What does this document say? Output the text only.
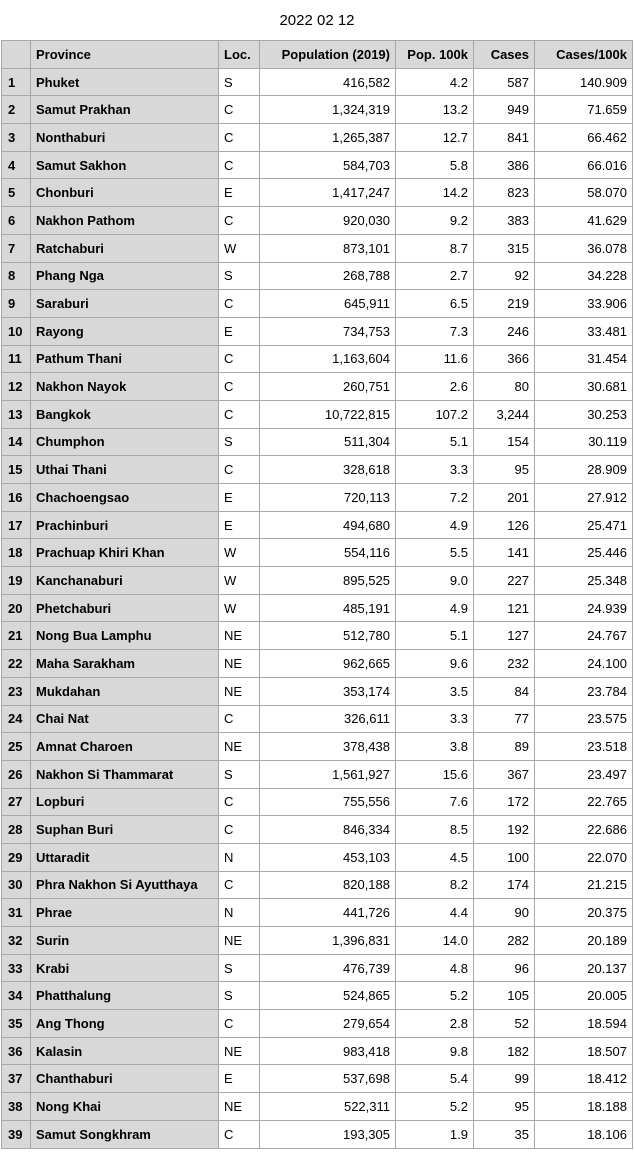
2022 02 12
	Province	Loc.	Population (2019)	Pop. 100k	Cases	Cases/100k
1	Phuket	S	416,582	4.2	587	140.909
2	Samut Prakhan	C	1,324,319	13.2	949	71.659
3	Nonthaburi	C	1,265,387	12.7	841	66.462
4	Samut Sakhon	C	584,703	5.8	386	66.016
5	Chonburi	E	1,417,247	14.2	823	58.070
6	Nakhon Pathom	C	920,030	9.2	383	41.629
7	Ratchaburi	W	873,101	8.7	315	36.078
8	Phang Nga	S	268,788	2.7	92	34.228
9	Saraburi	C	645,911	6.5	219	33.906
10	Rayong	E	734,753	7.3	246	33.481
11	Pathum Thani	C	1,163,604	11.6	366	31.454
12	Nakhon Nayok	C	260,751	2.6	80	30.681
13	Bangkok	C	10,722,815	107.2	3,244	30.253
14	Chumphon	S	511,304	5.1	154	30.119
15	Uthai Thani	C	328,618	3.3	95	28.909
16	Chachoengsao	E	720,113	7.2	201	27.912
17	Prachinburi	E	494,680	4.9	126	25.471
18	Prachuap Khiri Khan	W	554,116	5.5	141	25.446
19	Kanchanaburi	W	895,525	9.0	227	25.348
20	Phetchaburi	W	485,191	4.9	121	24.939
21	Nong Bua Lamphu	NE	512,780	5.1	127	24.767
22	Maha Sarakham	NE	962,665	9.6	232	24.100
23	Mukdahan	NE	353,174	3.5	84	23.784
24	Chai Nat	C	326,611	3.3	77	23.575
25	Amnat Charoen	NE	378,438	3.8	89	23.518
26	Nakhon Si Thammarat	S	1,561,927	15.6	367	23.497
27	Lopburi	C	755,556	7.6	172	22.765
28	Suphan Buri	C	846,334	8.5	192	22.686
29	Uttaradit	N	453,103	4.5	100	22.070
30	Phra Nakhon Si Ayutthaya	C	820,188	8.2	174	21.215
31	Phrae	N	441,726	4.4	90	20.375
32	Surin	NE	1,396,831	14.0	282	20.189
33	Krabi	S	476,739	4.8	96	20.137
34	Phatthalung	S	524,865	5.2	105	20.005
35	Ang Thong	C	279,654	2.8	52	18.594
36	Kalasin	NE	983,418	9.8	182	18.507
37	Chanthaburi	E	537,698	5.4	99	18.412
38	Nong Khai	NE	522,311	5.2	95	18.188
39	Samut Songkhram	C	193,305	1.9	35	18.106
